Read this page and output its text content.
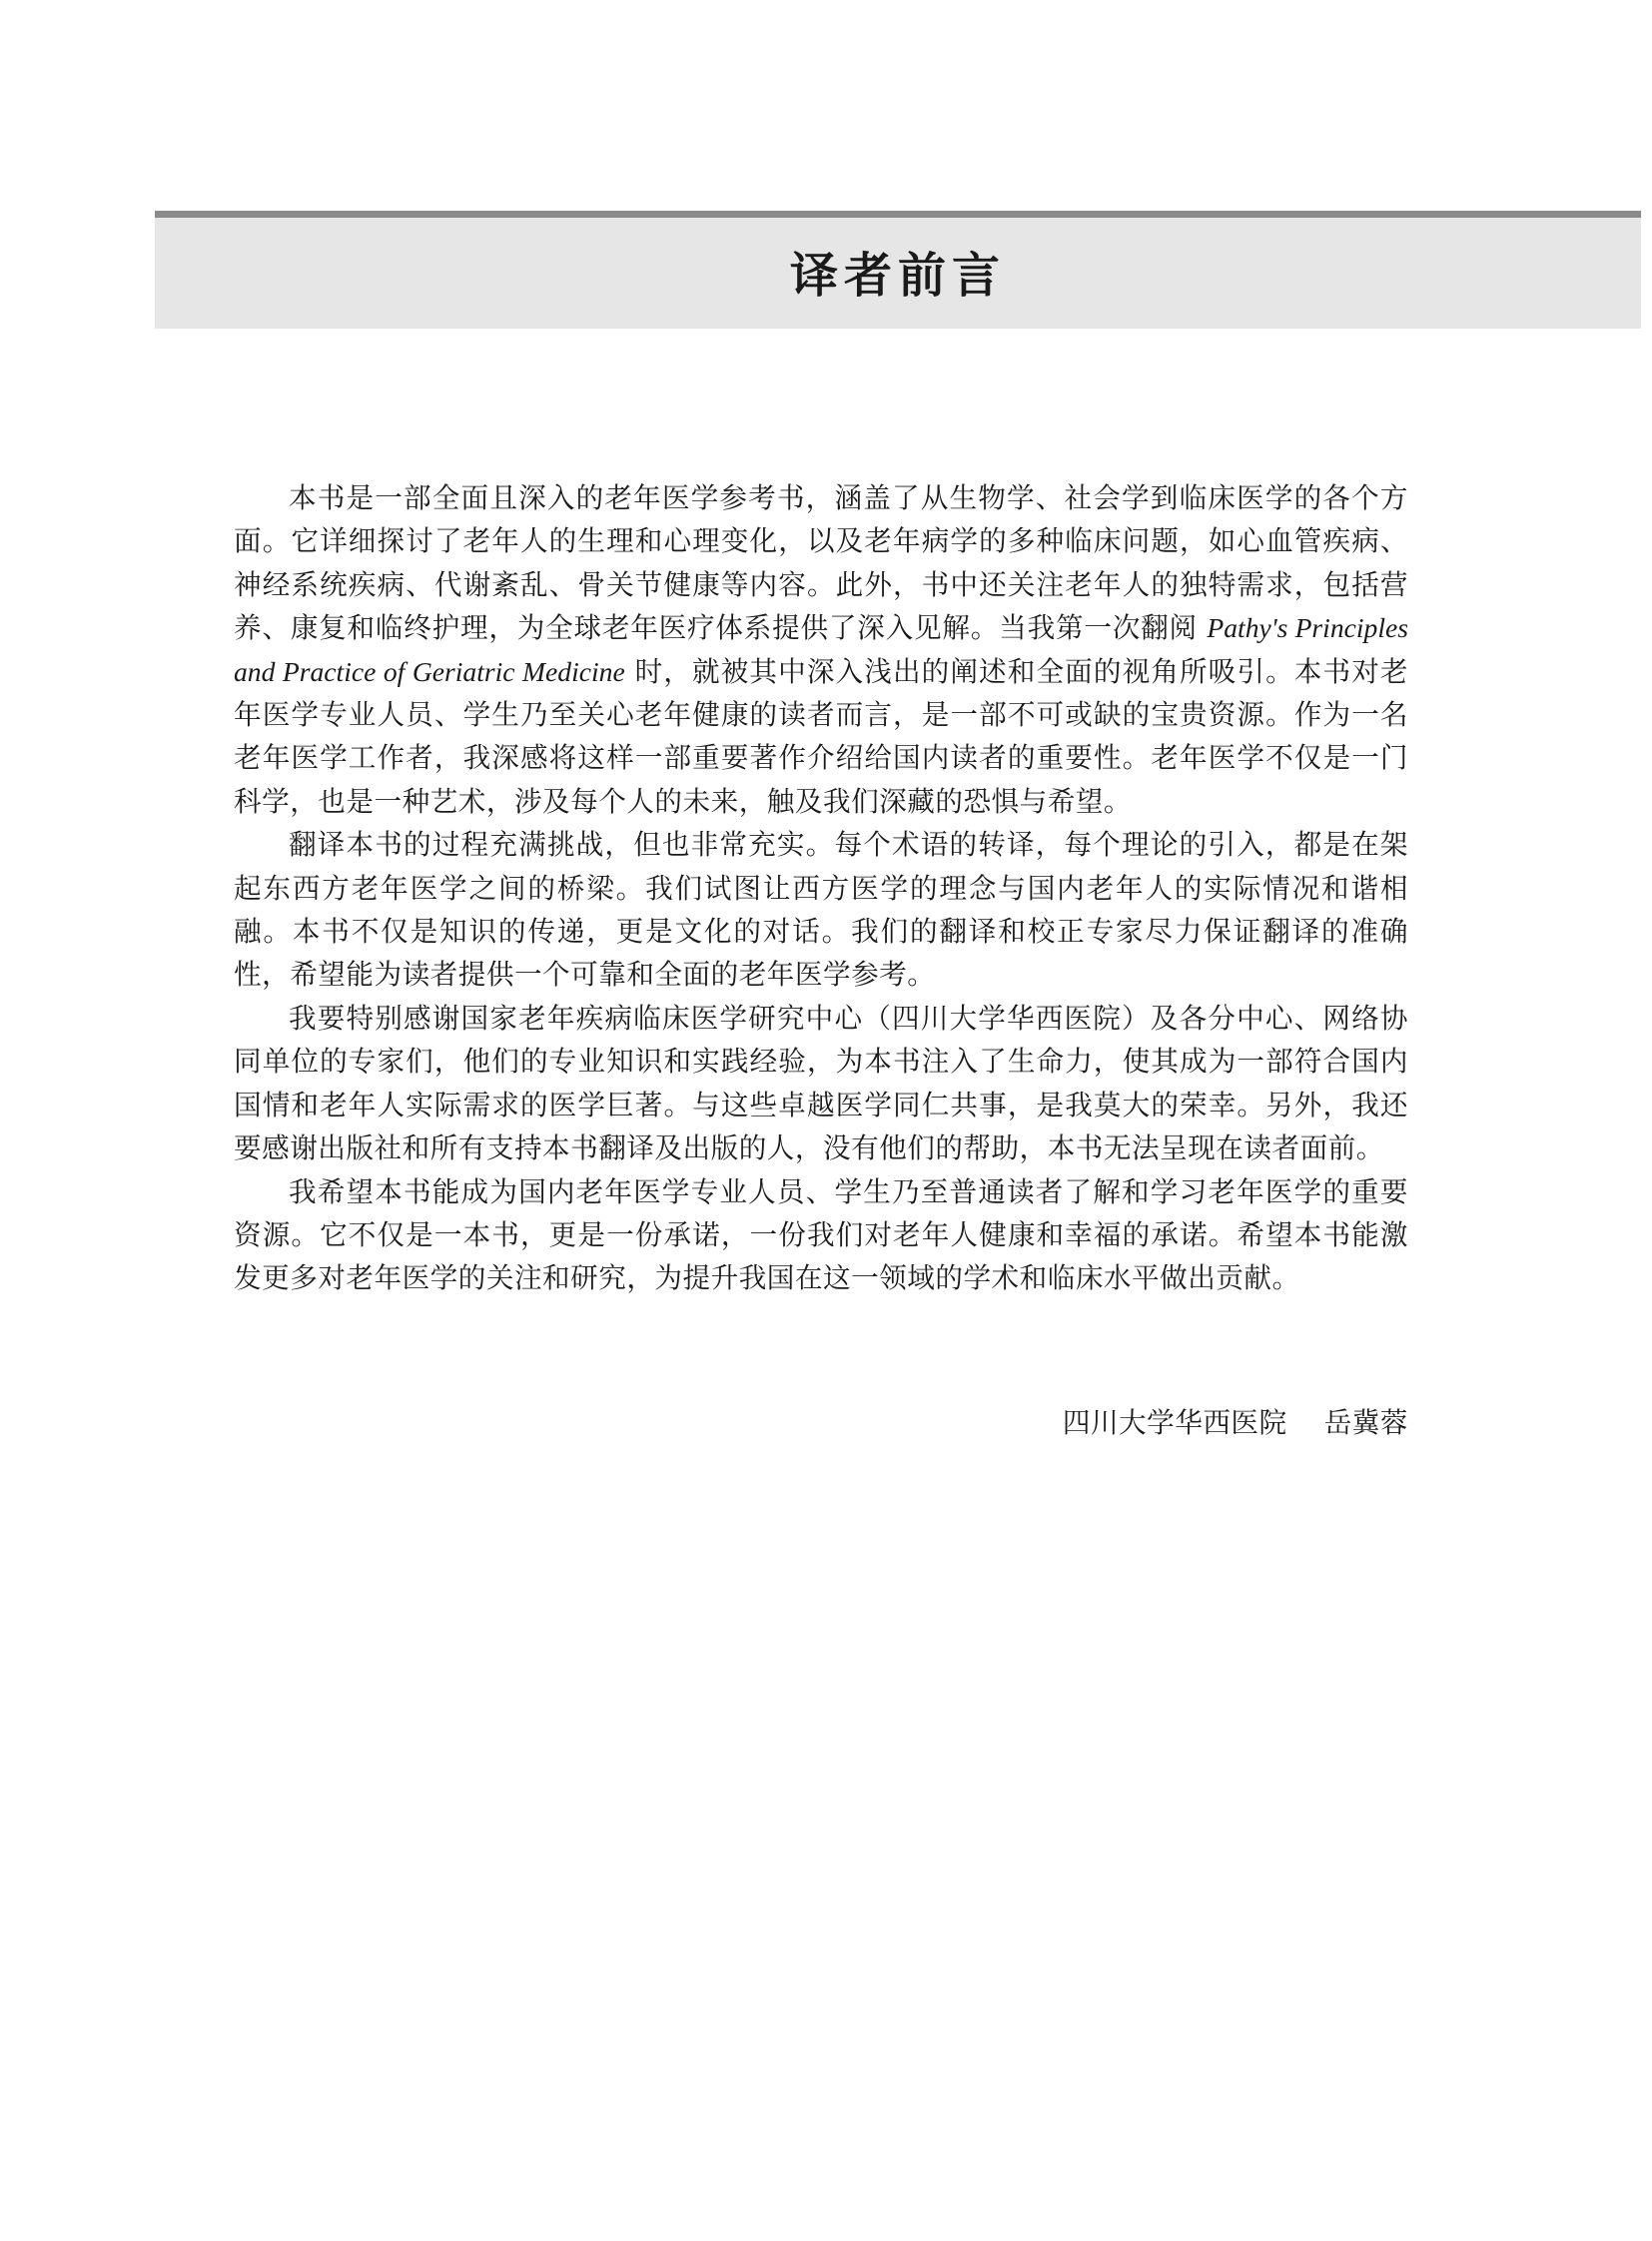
译者前言

本书是一部全面且深入的老年医学参考书，涵盖了从生物学、社会学到临床医学的各个方面。它详细探讨了老年人的生理和心理变化，以及老年病学的多种临床问题，如心血管疾病、神经系统疾病、代谢紊乱、骨关节健康等内容。此外，书中还关注老年人的独特需求，包括营养、康复和临终护理，为全球老年医疗体系提供了深入见解。当我第一次翻阅 Pathy's Principles and Practice of Geriatric Medicine 时，就被其中深入浅出的阐述和全面的视角所吸引。本书对老年医学专业人员、学生乃至关心老年健康的读者而言，是一部不可或缺的宝贵资源。作为一名老年医学工作者，我深感将这样一部重要著作介绍给国内读者的重要性。老年医学不仅是一门科学，也是一种艺术，涉及每个人的未来，触及我们深藏的恐惧与希望。

翻译本书的过程充满挑战，但也非常充实。每个术语的转译，每个理论的引入，都是在架起东西方老年医学之间的桥梁。我们试图让西方医学的理念与国内老年人的实际情况和谐相融。本书不仅是知识的传递，更是文化的对话。我们的翻译和校正专家尽力保证翻译的准确性，希望能为读者提供一个可靠和全面的老年医学参考。

我要特别感谢国家老年疾病临床医学研究中心（四川大学华西医院）及各分中心、网络协同单位的专家们，他们的专业知识和实践经验，为本书注入了生命力，使其成为一部符合国内国情和老年人实际需求的医学巨著。与这些卓越医学同仁共事，是我莫大的荣幸。另外，我还要感谢出版社和所有支持本书翻译及出版的人，没有他们的帮助，本书无法呈现在读者面前。

我希望本书能成为国内老年医学专业人员、学生乃至普通读者了解和学习老年医学的重要资源。它不仅是一本书，更是一份承诺，一份我们对老年人健康和幸福的承诺。希望本书能激发更多对老年医学的关注和研究，为提升我国在这一领域的学术和临床水平做出贡献。

四川大学华西医院 岳冀蓉
